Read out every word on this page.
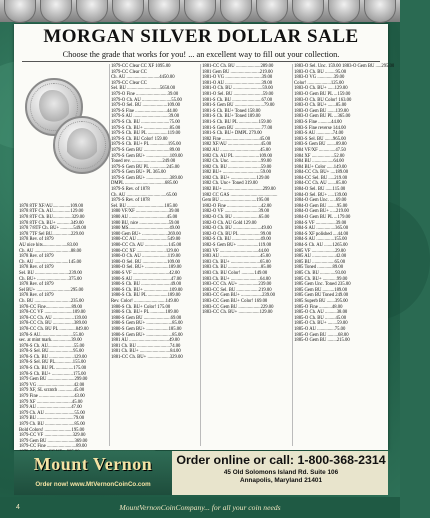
MORGAN SILVER DOLLAR SALE
Choose the grade that works for you! ... an excellent way to fill out your collection.

1878 8TF XF/AU...............109.00
1878 8TF Ch. AU...............129.00
1878 8TF Ch. BU................329.00
1878 8TF Ch. BU+ ............349.00
1878 7/8TF Ch. BU+ ...........549.00
1878 7TF Sel BU................229.00
1878 Rev. of 1879
AU nice hits.....................83.00
Ch. AU ...............................88.00
1878 Rev. of 1879
Ch. AU .............................145.00
1878 Rev. of 1879
Sel. BU .............................239.00
Ch. BU+ ...........................375.00
1878 Rev. of 1879
Sel BU+ .............................295.00
1878 Rev. of 1879
Ch. BU ...............................235.00
1878-CC Fine......................89.00
1878-CC VF ........................109.00
1878-CC Ch. AU ..................139.00
1878-CC Ch. BU ..................389.00
1878-CC Ch. BU PL ..............849.00
1878-S AU............................55.00
sec. at mint mark.................39.00
1878-S Ch. AU......................55.00
1878-S Sel. BU.....................95.00
1878-S Ch. BU .....................129.00
1878-S Sel. BU PL...............155.00
1878-S Ch. BU PL ...............175.00
1878-S Ch. BU+ ..................175.00
1879 Gem BU .......................299.00
1879 VG ...............................42.00
1879 XF, SL scratch .............45.00
1879 Fine ..............................43.00
1879 XF ..............................45.00
1879 AU .............................47.00
1879 Ch. AU .........................55.00
1879 BU ...............................79.00
1879 Ch. BU .........................85.00
Bold Colors! .......................195.00
1879-CC VF ........................329.00
1879 Gem BU .......................369.00
1879-CC Fine .........................89.00
1879-CC Clear CC XF 1095.00
1879-CC Clear CC
Ch. AU ............................4450.00
1879-CC Clear CC
Sel. BU ............................5650.00
1879-O Fine ...........................39.00
1879-O Ch. AU .........................55.00
1879-O Sel. BU .....................109.00
1879-S Fine ...........................44.00
1879-S AU ..............................39.00
1879-S Ch. BU ........................75.00
1879-S Ch. BU+ ......................85.00
1879-S Ch. BU PL .................119.00
1879-S Ch. BU Color! 159.00
1879-S Ch. BU+ PL ...............195.00
1879-S Gem BU ......................89.00
1879-S Gem BU+ ....................109.00
Toned rev. ..........................249.00
1879-S Gem BU PL ..............245.00
1879-S Gem BU+ PL 365.00
1879-S Gem BU+ ....................389.00
DMPL ..................................685.00
1879-S Rev. of 1878
Ch. AU ..................................65.00
1879-S Rev. of 1878
Sel. BU ................................185.00
1880 VF/XF ............................39.00
1880 AU ................................45.00
1880 BU, nice .........................59.00
1880 MS...................................49.00
1880 Gem BU+ ......................269.00
1880-CC AU ..........................549.00
1880-CC Ch. AU ....................145.00
1880-CC XF .........................129.00
1880-O Ch. AU ......................119.00
1880-O Sel. BU .....................109.00
1880-O Sel. BU+ ....................189.00
1880-S VF ...............................42.00
1880-S AU ................................47.00
1880-S Ch. BU .........................49.00
1880-S Ch. BU+ ......................109.00
1880-S Ch. BU PL .................189.00
Rev. Color! ...........................149.00
1880-S Ch. BU+ Color! 175.00
1880-S Ch. BU+ PL .............189.00
1880-S Gem BU .......................69.00
1880-S Gem BU+ ......................85.00
1880-S Gem BU+ ...................185.00
1880-S Gem BU+ ......................85.00
1881 AU ..................................49.00
1881 Ch. BU ............................74.00
1881 Ch. BU+ ..........................84.00
1881-CC Ch. BU+ ...................329.00
1881-CC Ch. BU .....................289.00
1881 Gem BU .........................219.00
1881-O VG ...............................39.00
1881-O AU ...............................39.00
1881-O Ch. BU .........................59.00
1881-O Sel. BU .........................59.00
1881-S Ch. BU .........................67.00
1881-S Gem BU .........................79.00
1881-S Ch. BU+ Toned 158.00
1881-S Ch. BU+ Toned 189.00
1881-S Ch. BU PL .................159.00
1881-S Gem BU .......................77.00
1881-S Ch. BU+ DMPL 279.00
1882 Fine ................................45.00
1882 XF/AU ............................45.00
1882 AU ..................................45.00
1882 Ch. AU PL .....................109.00
1882 Ch. Unc. ..........................99.00
1882 Ch. BU ............................59.00
1882 BU+ ................................59.00
1882 Ch. BU+ ......................129.00
1882 Ch. Unc+ Toned 319.00
1882 BU+ ..................................299.00
1882 CC GAS ........................................
Gem BU ...............................195.00
1882-O Fine .............................42.00
1882-O VF .............................39.00
1882-O Ch. BU ......................65.00
1882-O Ch. AU Gold 129.00
1882-O Ch. BU ........................49.00
1882-O Ch. BU PL ..................99.00
1882-S Ch. BU ........................49.00
1882-S Gem BU+ ..................119.00
1883 VF .................................44.00
1883 AU ..................................45.00
1883 Ch. BU+ .........................65.00
1883 Ch. BU ............................85.00
1883 Ch. BU Color! ...........149.00
1883 Ch. BU+ .........................64.00
1883-CC Ch. AU+ .................239.00
1883-CC Sel. BU ...................219.00
1883-CC Gem BU+ ..................239.00
1883-CC Gem BU+ Color! 169.00
1883-CC Gem BU ...................229.00
1883-CC Ch. BU+ ..................129.00
1883-O Sel. Unc. 159.00 1883-O Gem BU .....295.00
1883-O Ch. BU .........95.00
1883-O VG ..............39.00
Color! ....................125.00
1883-O Ch. BU+ ......129.00
1883-O Gem BU PL ...159.00
1883-O Ch. BU Color! 163.00
1883-O Ch. BU+ .......85.00
1883-O Gem BU .......139.00
1883-O Gem BU PL ...365.00
1883-S Fine ...........44.00
1883-S Fine reverse 144.00
1883-S AU ..............74.00
1883-S Sel. BU .......965.00
1883-S Gem BU ........89.00
1884 VF/XF ..............47.50
1884 XF ...................52.00
1884 BU ..................64.00
1884 BU+ Color ......149.00
1884-CC Ch. BU+ ....189.00
1884-CC Sel. BU .....219.00
1884-CC Ch. AU .......85.00
1884-O Sel. BU ......115.00
1884-O Sel. BU+ .....139.00
1884-O Gem Unc. .....69.00
1884-O Gem BU ........95.00
1884-O Gem BU+ .....219.00
1884-O Gem BU PL ...179.00
1884-S VF .................39.00
1884-S AU ................365.00
1884-S XF polished ....44.00
1884-S AU ...............155.00
1884-S Ch. AU .......1265.00
1885 VF ....................29.00
1885 AU ....................42.00
1885 BU ...................65.00
1885 Toned .............89.00
1885 Ch. BU .............93.00
1885 Ch. BU+ ............99.00
1885 Gem Unc. Toned 235.00
1885 Gem BU ..........189.00
1885 Gem BU Toned 249.00
1885 Superb BU .......395.00
1885-O Fine ...........48.00
1885-O Ch. AU ..........38.00
1885-O Ch. BU .........45.00
1885-O Ch. BU+ ........59.00
1885-O AU ...............75.00
1885-O Gem BU .........68.00
1885-O Gem BU ........215.00
Mount Vernon
Order now! www.MtVernonCoinCo.com
Order online or call: 1-800-368-2314
45 Old Solomons Island Rd. Suite 106
Annapolis, Maryland 21401
4	MountVernonCoinCompany... for all your coin needs
